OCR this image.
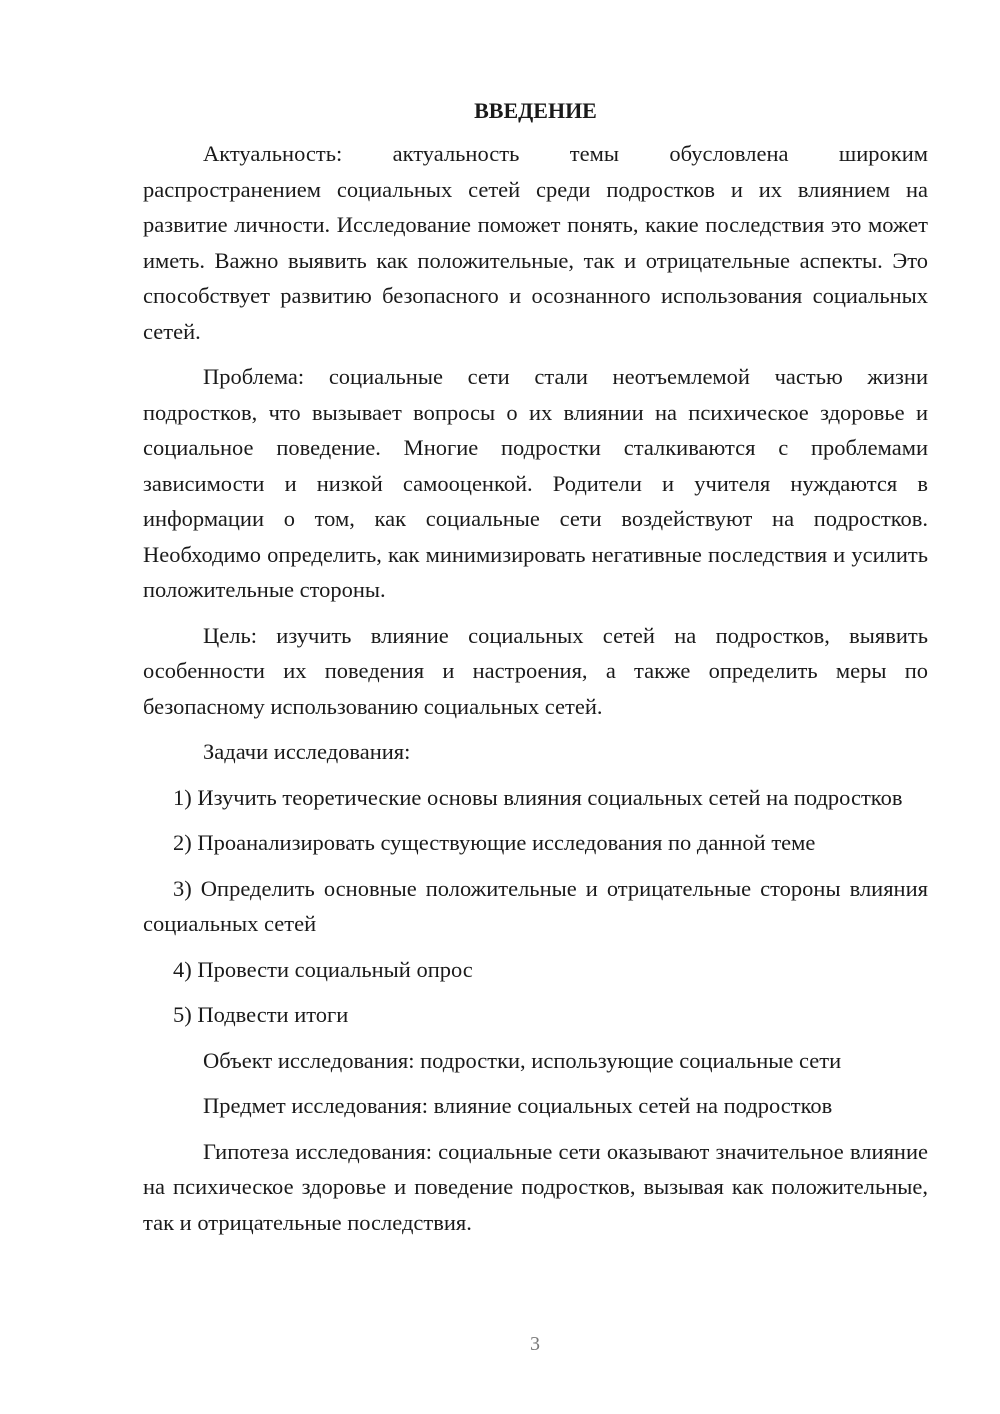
ВВЕДЕНИЕ

Актуальность: актуальность темы обусловлена широким распространением социальных сетей среди подростков и их влиянием на развитие личности. Исследование поможет понять, какие последствия это может иметь. Важно выявить как положительные, так и отрицательные аспекты. Это способствует развитию безопасного и осознанного использования социальных сетей.

Проблема: социальные сети стали неотъемлемой частью жизни подростков, что вызывает вопросы о их влиянии на психическое здоровье и социальное поведение. Многие подростки сталкиваются с проблемами зависимости и низкой самооценкой. Родители и учителя нуждаются в информации о том, как социальные сети воздействуют на подростков. Необходимо определить, как минимизировать негативные последствия и усилить положительные стороны.

Цель: изучить влияние социальных сетей на подростков, выявить особенности их поведения и настроения, а также определить меры по безопасному использованию социальных сетей.

Задачи исследования:

1) Изучить теоретические основы влияния социальных сетей на подростков

2) Проанализировать существующие исследования по данной теме

3) Определить основные положительные и отрицательные стороны влияния социальных сетей

4) Провести социальный опрос

5) Подвести итоги

Объект исследования: подростки, использующие социальные сети

Предмет исследования: влияние социальных сетей на подростков

Гипотеза исследования: социальные сети оказывают значительное влияние на психическое здоровье и поведение подростков, вызывая как положительные, так и отрицательные последствия.

3
